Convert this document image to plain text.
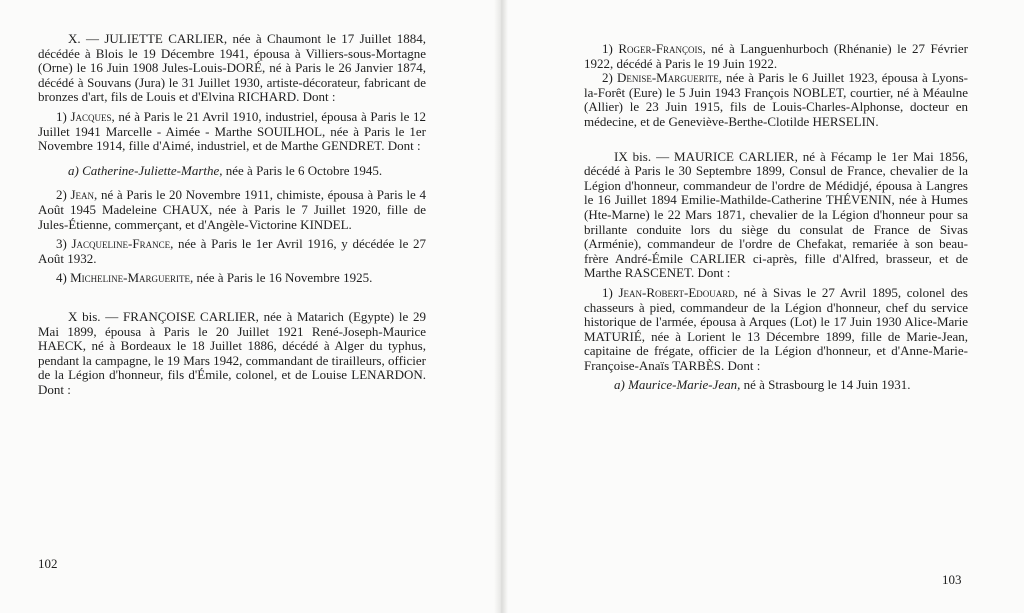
X. — JULIETTE CARLIER, née à Chaumont le 17 Juillet 1884, décédée à Blois le 19 Décembre 1941, épousa à Villiers-sous-Mortagne (Orne) le 16 Juin 1908 Jules-Louis-DORÉ, né à Paris le 26 Janvier 1874, décédé à Souvans (Jura) le 31 Juillet 1930, artiste-décorateur, fabricant de bronzes d'art, fils de Louis et d'Elvina RICHARD. Dont :

1) Jacques, né à Paris le 21 Avril 1910, industriel, épousa à Paris le 12 Juillet 1941 Marcelle - Aimée - Marthe SOUILHOL, née à Paris le 1er Novembre 1914, fille d'Aimé, industriel, et de Marthe GENDRET. Dont :

a) Catherine-Juliette-Marthe, née à Paris le 6 Octobre 1945.

2) Jean, né à Paris le 20 Novembre 1911, chimiste, épousa à Paris le 4 Août 1945 Madeleine CHAUX, née à Paris le 7 Juillet 1920, fille de Jules-Étienne, commerçant, et d'Angèle-Victorine KINDEL.

3) Jacqueline-France, née à Paris le 1er Avril 1916, y décédée le 27 Août 1932.

4) Micheline-Marguerite, née à Paris le 16 Novembre 1925.

X bis. — FRANÇOISE CARLIER, née à Matarich (Egypte) le 29 Mai 1899, épousa à Paris le 20 Juillet 1921 René-Joseph-Maurice HAECK, né à Bordeaux le 18 Juillet 1886, décédé à Alger du typhus, pendant la campagne, le 19 Mars 1942, commandant de tirailleurs, officier de la Légion d'honneur, fils d'Émile, colonel, et de Louise LENARDON. Dont :

1) Roger-François, né à Languenhurboch (Rhénanie) le 27 Février 1922, décédé à Paris le 19 Juin 1922.

2) Denise-Marguerite, née à Paris le 6 Juillet 1923, épousa à Lyons-la-Forêt (Eure) le 5 Juin 1943 François NOBLET, courtier, né à Méaulne (Allier) le 23 Juin 1915, fils de Louis-Charles-Alphonse, docteur en médecine, et de Geneviève-Berthe-Clotilde HERSELIN.

IX bis. — MAURICE CARLIER, né à Fécamp le 1er Mai 1856, décédé à Paris le 30 Septembre 1899, Consul de France, chevalier de la Légion d'honneur, commandeur de l'ordre de Médidjé, épousa à Langres le 16 Juillet 1894 Emilie-Mathilde-Catherine THÉVENIN, née à Humes (Hte-Marne) le 22 Mars 1871, chevalier de la Légion d'honneur pour sa brillante conduite lors du siège du consulat de France de Sivas (Arménie), commandeur de l'ordre de Chefakat, remariée à son beau-frère André-Émile CARLIER ci-après, fille d'Alfred, brasseur, et de Marthe RASCENET. Dont :

1) Jean-Robert-Edouard, né à Sivas le 27 Avril 1895, colonel des chasseurs à pied, commandeur de la Légion d'honneur, chef du service historique de l'armée, épousa à Arques (Lot) le 17 Juin 1930 Alice-Marie MATURIÉ, née à Lorient le 13 Décembre 1899, fille de Marie-Jean, capitaine de frégate, officier de la Légion d'honneur, et d'Anne-Marie-Françoise-Anaïs TARBÈS. Dont :

a) Maurice-Marie-Jean, né à Strasbourg le 14 Juin 1931.

102
103
